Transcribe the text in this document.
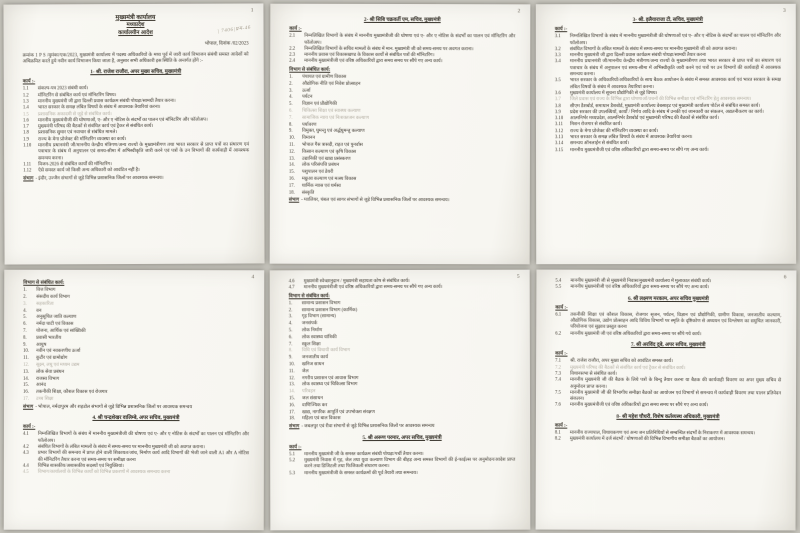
1
| 7406|प्रम-46
मुख्यमंत्री कार्यालय
मध्यप्रदेश
कार्यालयीन आदेश
भोपाल, दिनांक /02/2023
क्रमांक 1 P S /मुमंका/एक/2023, मुख्यमंत्री कार्यालय में पदस्थ अधिकारियों के मध्य पूर्व में जारी कार्य विभाजन संबंधी समस्त आदेशों को अधिक्रमित करते हुये नवीन कार्य विभाजन किया जाता है, अनुसार सभी अधिकारी इस स्थिति के अन्तर्गत होंगे :-
1- श्री. राजेश राजौरा, अपर मुख्य सचिव, मुख्यमंत्री
कार्य :-
1.1	संकल्प-पत्र 2023 संबंधी कार्य।
1.2	मॉनिटरिंग से संबंधित कार्य एवं मॉनिटरिंग विषय।
1.3	माननीय मुख्यमंत्री जी द्वारा दिल्ली प्रवास कार्यक्रम संबंधी पोथड़ा/सामग्री तैयार करना।
1.4	भारत सरकार के समक्ष लंबित विषयों के संबंध में आवश्यक तैयारियां करना।
1.5	प्रशासनिक अकादमी से जुड़े से संबंधित कार्य।
1.6	माननीय मुख्यमंत्रीजी की घोषणाओं, ए- और ए नोटिस के संदर्भों का पालन एवं मॉनिटरिंग और फॉलोअप।
1.7	मुख्यमंत्री परिषद की बैठकों से संबंधित कार्य एवं ट्रैकर से संबंधित कार्य।
1.8	प्रशासनिक सुधार एवं नवाचार से संबंधित मामले।
1.9	राज्य के मेगा प्रोजेक्ट की मॉनिटरिंग व्यवस्था का कार्य।
1.10	माननीय प्रधानमंत्री जी/माननीय केन्द्रीय मंत्रिगण/अन्य राज्यों के मुख्यमंत्रीगण तथा भारत सरकार से प्राप्त पत्रों का संधारण एवं पत्राचार के संबंध में अनुपालन एवं समय-सीमा में अभिस्वीकृति जारी करने एवं पत्रों के उन विभागों की कार्यवाही में आवश्यक समन्वय करना।
1.11	विजन-2026 से संबंधित कार्यों की मॉनिटरिंग।
1.12	ऐसे समस्त कार्य जो किसी अन्य अधिकारी को आवंटित नहीं है।
संभाग - इंदौर, उज्जैन संभागों से जुड़े विभिन्न प्रशासनिक जिलों पर आवश्यक समन्वय।
2
2- श्री सिबि चक्रवर्ती एम, सचिव, मुख्यमंत्री
कार्य :-
2.1	निम्नलिखित विभागों के संबंध में माननीय मुख्यमंत्रीजी की घोषणा एवं ए- और ए नोटिस के संदर्भों का पालन एवं मॉनिटरिंग और फॉलोअप।
2.2	निम्नलिखित विभागों के सचिव मामलों के संबंध में मान. मुख्यमंत्री जी को समय-समय पर अवगत कराना।
2.3	माननीय प्रवास एवं विकासखण्ड के विकास कार्यों से संबंधित पत्रों की मॉनिटरिंग।
2.4	माननीय मुख्यमंत्रीजी एवं वरिष्ठ अधिकारियों द्वारा समय समय पर सौंपे गए अन्य कार्य।
विभाग से संबंधित कार्य:
1.	पंचायत एवं ग्रामीण विकास
2.	औद्योगिक नीति एवं निवेश प्रोत्साहन
3.	ऊर्जा
4.	पर्यटन
5.	विज्ञान एवं प्रौद्योगिकी
6.	चिकित्सा शिक्षा एवं स्वास्थ्य कल्याण
7.	सामाजिक न्याय एवं निःशक्तजन कल्याण
8.	पर्यावरण
9.	विमुक्त, घुमन्तु एवं अर्द्धघुमन्तु कल्याण
10.	विमानन
11.	भोपाल गैस त्रासदी, राहत एवं पुनर्वास
12.	किसान कल्याण एवं कृषि विकास
13.	उद्यानिकी एवं खाद्य प्रसंस्करण
14.	लोक परिसंपत्ति प्रबंधन
15.	पशुपालन एवं डेयरी
16.	मछुआ कल्याण एवं मत्स्य विकास
17.	धार्मिक न्यास एवं धर्मस्व
18.	संस्कृति
संभाग - ग्वालियर, चंबल एवं सागर संभागों से जुड़े विभिन्न प्रशासनिक जिलों पर आवश्यक समन्वय।
3
3- श्री. इलैयाराजा टी, सचिव, मुख्यमंत्री
कार्य :-
3.1	निम्नलिखित विभागों के संबंध में माननीय मुख्यमंत्रीजी की घोषणाओं एवं ए- और ए नोटिस के संदर्भों का पालन एवं मॉनिटरिंग और फॉलोअप।
3.2	संबंधित विभागों के लंबित मामलों के संबंध में समय-समय पर माननीय मुख्यमंत्री जी को अवगत कराना।
3.3	माननीय मुख्यमंत्री जी द्वारा दिल्ली प्रवास कार्यक्रम संबंधी पोथड़ा/सामग्री तैयार करना
3.4	माननीय प्रधानमंत्री जी/माननीय केन्द्रीय मंत्रीगण/अन्य राज्यों के मुख्यमंत्रीगण तथा भारत सरकार से प्राप्त पत्रों का संधारण एवं पत्राचार के संबंध में अनुपालन एवं समय-सीमा में अभिस्वीकृति जारी करने एवं पत्रों पर उन विभागों की कार्यवाही में आवश्यक समन्वय करना।
3.5	भारत सरकार के अधिकारियों/अधिकारियों के साथ बैठक आयोजन के संबंध में समस्त आवश्यक कार्य एवं भारत सरकार के समक्ष लंबित विषयों के संबंध में आवश्यक तैयारियां करना।
3.6	मुख्यमंत्री कार्यालय में सूचना प्रौद्योगिकी से जुड़े विषय।
3.7	जिले प्रवास एवं राज्य के विभिन्न द्वारा घोषणाओं/वचनों की विभिन्न समीक्षा एवं मॉनिटरिंग हेतु आवश्यक समन्वय।
3.8	सीएम डैशबोर्ड, समाधान डैशबोर्ड, मुख्यमंत्री कार्यालय वेबसाइट एवं मुख्यमंत्री कार्यालय पोर्टल से संबंधित समस्त कार्य।
3.9	प्रदेश सरकार की उपलब्धियों, कार्यों / निर्णय आदि के संबंध में उनकी एवं जानकारी का संकलन, अद्यतनीकरण का कार्य।
3.10	आत्मनिर्भर मध्यप्रदेश, आत्मनिर्भर डैशबोर्ड एवं मुख्यमंत्री परिषद की बैठकों से संबंधित कार्य।
3.11	मिशन रोजगार से संबंधित कार्य।
3.12	राज्य के मेगा प्रोजेक्ट की मॉनिटरिंग व्यवस्था का कार्य।
3.13	भारत सरकार के समक्ष लंबित विषयों के संबंध में आवश्यक तैयारियां करना।
3.14	समन्वय ऑनलाईन से संबंधित कार्य।
3.15	माननीय मुख्यमंत्रीजी एवं वरिष्ठ अधिकारियों द्वारा समय-समय पर सौंपे गए अन्य कार्य।
4
विभाग से संबंधित कार्य:
1.	वित्त विभाग
2.	संसदीय कार्य विभाग
3.	सहकारिता
4.	वन
5.	अनुसूचित जाति कल्याण
6.	नर्मदा घाटी एवं विकास
7.	योजना, आर्थिक एवं सांख्यिकी
8.	प्रवासी भारतीय
9.	आयुष
10.	नवीन एवं नवकरणीय ऊर्जा
11.	कुटीर एवं ग्रामोद्योग
12.	सूक्ष्म, लघु एवं मध्यम उद्यम
13.	लोक सेवा प्रबंधन
14.	राजस्व विभाग
15.	आनंद
16.	तकनीकी शिक्षा, कौशल विकास एवं रोजगार
17.	उच्च शिक्षा
संभाग - भोपाल, नर्मदापुरम और शहडोल संभागों से जुड़े विभिन्न प्रशासनिक जिलों पर आवश्यक समन्वय
4. श्री चन्द्रशेखर वालिम्बे, अपर सचिव, मुख्यमंत्री
कार्य :-
4.1	निम्नलिखित विभागों के संबंध में माननीय मुख्यमंत्रीजी की घोषणा एवं ए- और ए नोटिस के संदर्भों का पालन एवं मॉनिटरिंग और फॉलोअप।
4.2	संबंधित विभागों के लंबित मामलों के संबंध में समय-समय पर माननीय मुख्यमंत्री जी को अवगत कराना।
4.3	प्रभार विभागों की समन्वय में प्राप्त होने वाली शिकायत/जांच, निर्माण कार्य आदि विभागों की भेजी जाने वाली A1 और A नोटिस की मॉनिटरिंग तैयार करना एवं समय-समय पर समीक्षा करना
4.4	विभिन्न शासकीय/अशासकीय सदस्यों एवं नियुक्तियां।
4.5	विभाग/कार्यालयों के विभिन्न कार्यों को विभिन्न प्रकरणों में आवश्यक समन्वय करना
5
4.6	मुख्यमंत्री स्वेच्छानुदान / मुख्यमंत्री सहायता कोष से संबंधित कार्य।
4.7	माननीय मुख्यमंत्रीजी एवं वरिष्ठ अधिकारियों द्वारा समय-समय पर सौंपे गए अन्य कार्य।
विभाग से संबंधित कार्य:
1.	सामान्य प्रशासन विभाग
2.	सामान्य प्रशासन विभाग (कार्मिक)
3.	गृह विभाग (सामान्य)
4.	जनसंपर्क
5.	लोक निर्माण
6.	लोक स्वास्थ्य यांत्रिकी
7.	स्कूल शिक्षा
8.	विधि एवं विधायी कार्य विभाग
9.	जनजातीय कार्य
10.	खनिज साधन
11.	जेल
12.	नगरीय प्रशासन एवं आवास विभाग
13.	लोक स्वास्थ्य एवं चिकित्सा विभाग
14.	परिवहन
15.	जल संसाधन
16.	वाणिज्यिक कर
17.	खाद्य, नागरिक आपूर्ति एवं उपभोक्ता संरक्षण
18.	महिला एवं बाल विकास
संभाग - जबलपुर एवं रीवा संभागों से जुड़े विभिन्न प्रशासनिक जिलों पर आवश्यक समन्वय
5. श्री अरूण परमार, अपर सचिव, मुख्यमंत्री
कार्य :-
5.1	माननीय मुख्यमंत्री जी के समस्त कार्यक्रम संबंधी पोथड़ा/पर्ची तैयार करना।
5.2	मुख्यमंत्री निवास में गृह, जेल तथा युवा कल्याण विभाग की बीहड़ अन्य समस्त विभागों की ई-फाईल्स पर अनुमोदन/आदेश प्राप्त करने तथा डिजिटली तथा फिजिकली संधारण करना।
5.3	माननीय मुख्यमंत्रीजी के समस्त कार्यक्रमों की पूर्व तैयारी तथा समन्वय।
6
5.4	माननीय मुख्यमंत्री जी से मुख्यमंत्री निवास/मुख्यमंत्री कार्यालय में मुलाकात संबंधी कार्य।
5.5	माननीय मुख्यमंत्रीजी एवं वरिष्ठ अधिकारियों द्वारा समय-समय पर सौंपे गए अन्य कार्य।
6. श्री लक्ष्मण मरकाम, अपर सचिव मुख्यमंत्री
कार्य :-
6.1	तकनीकी शिक्षा एवं कौशल विकास, रोजगार सृजन, पर्यटन, विज्ञान एवं प्रौद्योगिकी, ग्रामीण विकास, जनजातीय कल्याण, औद्योगिक विकास, उद्योग प्रोत्साहन आदि विविध विभागों पर स्मृति के दृष्टिकोण से अध्ययन एवं विश्लेषण का समुचित जानकारी, परियोजना एवं सुझाव प्रस्तुत करना
6.2	माननीय मुख्यमंत्री जी एवं वरिष्ठ अधिकारियों द्वारा समय-समय पर सौंपे गये कार्य।
7. श्री अरविंद दुबे, अपर सचिव, मुख्यमंत्री
कार्य :-
7.1	श्री. राजेश राजौरा, अपर मुख्य सचिव को आवंटित समस्त कार्य।
7.2	मुख्यमंत्री परिषद की बैठकों से संबंधित कार्य एवं ट्रैकर से संबंधित कार्य।
7.3	विधानसभा से संबंधित कार्य।
7.4	माननीय मुख्यमंत्री जी की बैठक के लिये पत्रों के बिन्दु तैयार करना या बैठक की कार्यवाही विवरण का अपर मुख्य सचिव से अनुमोदन प्राप्त करना।
7.5	माननीय मुख्यमंत्री जी की विभागीय समीक्षा बैठकों का आयोजन एवं विभागों से समन्वय में कार्यवाही विवरण तथा पालन प्रतिवेदन संकलन।
7.6	माननीय मुख्यमंत्रीजी एवं वरिष्ठ अधिकारियों द्वारा समय समय पर सौंपे गए अन्य कार्य।
8- श्री महेश चौधरी, विशेष कर्तव्यस्थ अधिकारी, मुख्यमंत्री
कार्य :-
8.1	माननीय राज्यपाल, विधायकगण एवं अन्य जन प्रतिनिधियों से सम्बन्धित संदर्भों के निराकरण में आवश्यक समन्वय।
8.2	मुख्यमंत्री कार्यालय में दर्ज संदर्भों / घोषणाओं की विभिन्न विभागीय समीक्षा बैठकों का आयोजन।
